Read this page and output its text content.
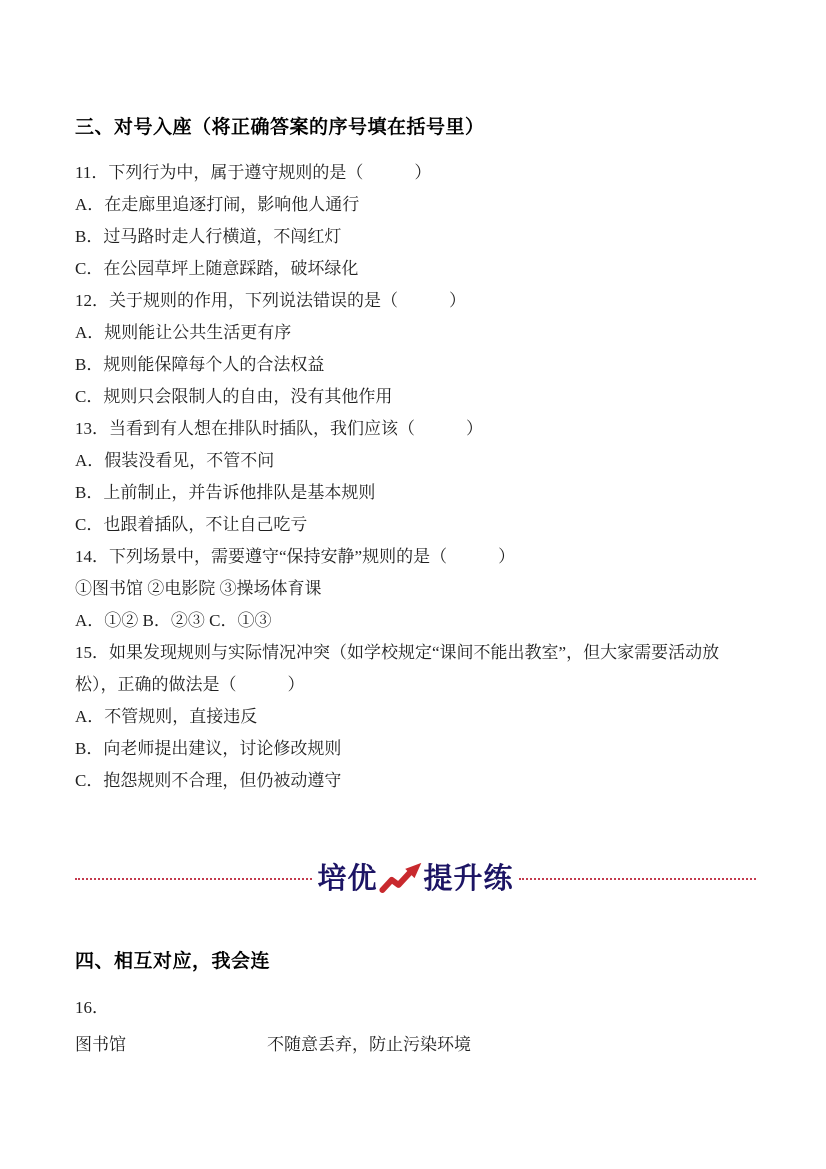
三、对号入座（将正确答案的序号填在括号里）

11．下列行为中，属于遵守规则的是（　　　）

A．在走廊里追逐打闹，影响他人通行

B．过马路时走人行横道，不闯红灯

C．在公园草坪上随意踩踏，破坏绿化

12．关于规则的作用，下列说法错误的是（　　　）

A．规则能让公共生活更有序

B．规则能保障每个人的合法权益

C．规则只会限制人的自由，没有其他作用

13．当看到有人想在排队时插队，我们应该（　　　）

A．假装没看见，不管不问

B．上前制止，并告诉他排队是基本规则

C．也跟着插队，不让自己吃亏

14．下列场景中，需要遵守“保持安静”规则的是（　　　）

①图书馆 ②电影院 ③操场体育课

A．①② B．②③ C．①③

15．如果发现规则与实际情况冲突（如学校规定“课间不能出教室”，但大家需要活动放

松），正确的做法是（　　　）

A．不管规则，直接违反

B．向老师提出建议，讨论修改规则

C．抱怨规则不合理，但仍被动遵守

培优 提升练
四、相互对应，我会连

16．

图书馆	不随意丢弃，防止污染环境
